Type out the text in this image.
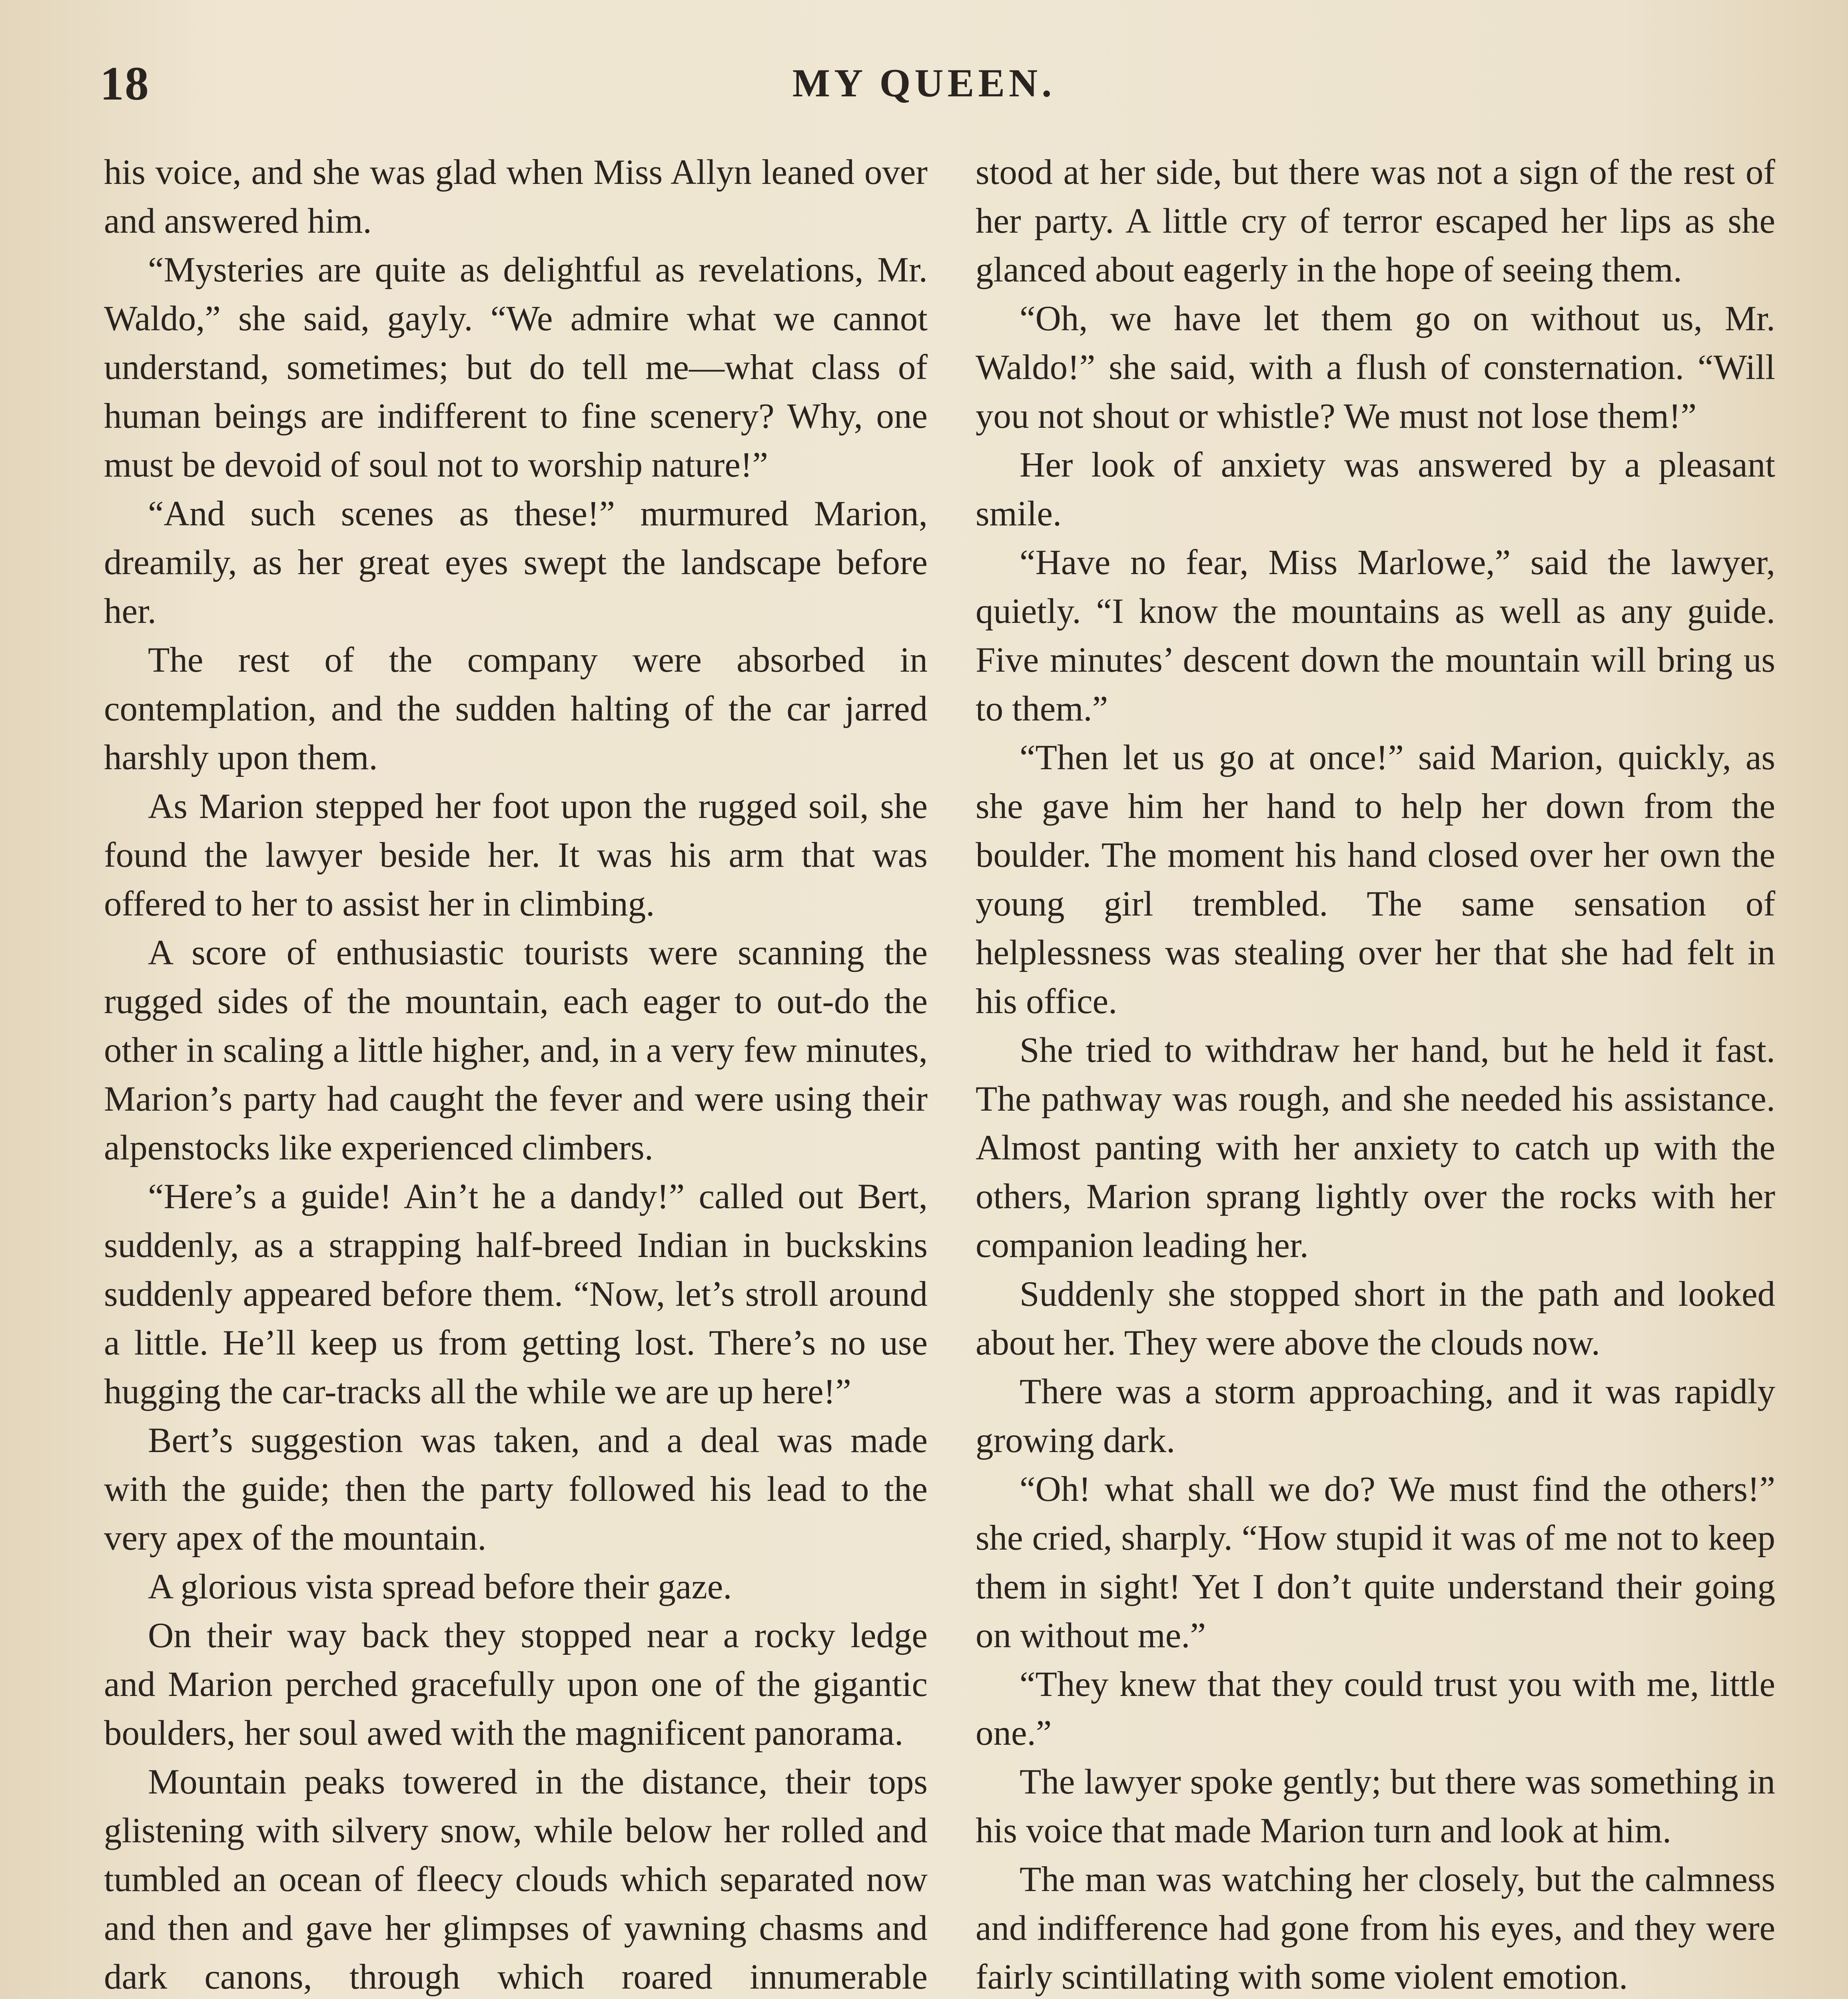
18	MY QUEEN.

his voice, and she was glad when Miss Allyn leaned over and answered him.

“Mysteries are quite as delightful as revelations, Mr. Waldo,” she said, gayly. “We admire what we cannot understand, sometimes; but do tell me—what class of human beings are indifferent to fine scenery? Why, one must be devoid of soul not to worship nature!”

“And such scenes as these!” murmured Marion, dreamily, as her great eyes swept the landscape before her.

The rest of the company were absorbed in contemplation, and the sudden halting of the car jarred harshly upon them.

As Marion stepped her foot upon the rugged soil, she found the lawyer beside her. It was his arm that was offered to her to assist her in climbing.

A score of enthusiastic tourists were scanning the rugged sides of the mountain, each eager to out-do the other in scaling a little higher, and, in a very few minutes, Marion’s party had caught the fever and were using their alpenstocks like experienced climbers.

“Here’s a guide! Ain’t he a dandy!” called out Bert, suddenly, as a strapping half-breed Indian in buckskins suddenly appeared before them. “Now, let’s stroll around a little. He’ll keep us from getting lost. There’s no use hugging the car-tracks all the while we are up here!”

Bert’s suggestion was taken, and a deal was made with the guide; then the party followed his lead to the very apex of the mountain.

A glorious vista spread before their gaze.

On their way back they stopped near a rocky ledge and Marion perched gracefully upon one of the gigantic boulders, her soul awed with the magnificent panorama.

Mountain peaks towered in the distance, their tops glistening with silvery snow, while below her rolled and tumbled an ocean of fleecy clouds which separated now and then and gave her glimpses of yawning chasms and dark canons, through which roared innumerable

stood at her side, but there was not a sign of the rest of her party. A little cry of terror escaped her lips as she glanced about eagerly in the hope of seeing them.

“Oh, we have let them go on without us, Mr. Waldo!” she said, with a flush of consternation. “Will you not shout or whistle? We must not lose them!”

Her look of anxiety was answered by a pleasant smile.

“Have no fear, Miss Marlowe,” said the lawyer, quietly. “I know the mountains as well as any guide. Five minutes’ descent down the mountain will bring us to them.”

“Then let us go at once!” said Marion, quickly, as she gave him her hand to help her down from the boulder. The moment his hand closed over her own the young girl trembled. The same sensation of helplessness was stealing over her that she had felt in his office.

She tried to withdraw her hand, but he held it fast. The pathway was rough, and she needed his assistance. Almost panting with her anxiety to catch up with the others, Marion sprang lightly over the rocks with her companion leading her.

Suddenly she stopped short in the path and looked about her. They were above the clouds now.

There was a storm approaching, and it was rapidly growing dark.

“Oh! what shall we do? We must find the others!” she cried, sharply. “How stupid it was of me not to keep them in sight! Yet I don’t quite understand their going on without me.”

“They knew that they could trust you with me, little one.”

The lawyer spoke gently; but there was something in his voice that made Marion turn and look at him.

The man was watching her closely, but the calmness and indifference had gone from his eyes, and they were fairly scintillating with some violent emotion.
